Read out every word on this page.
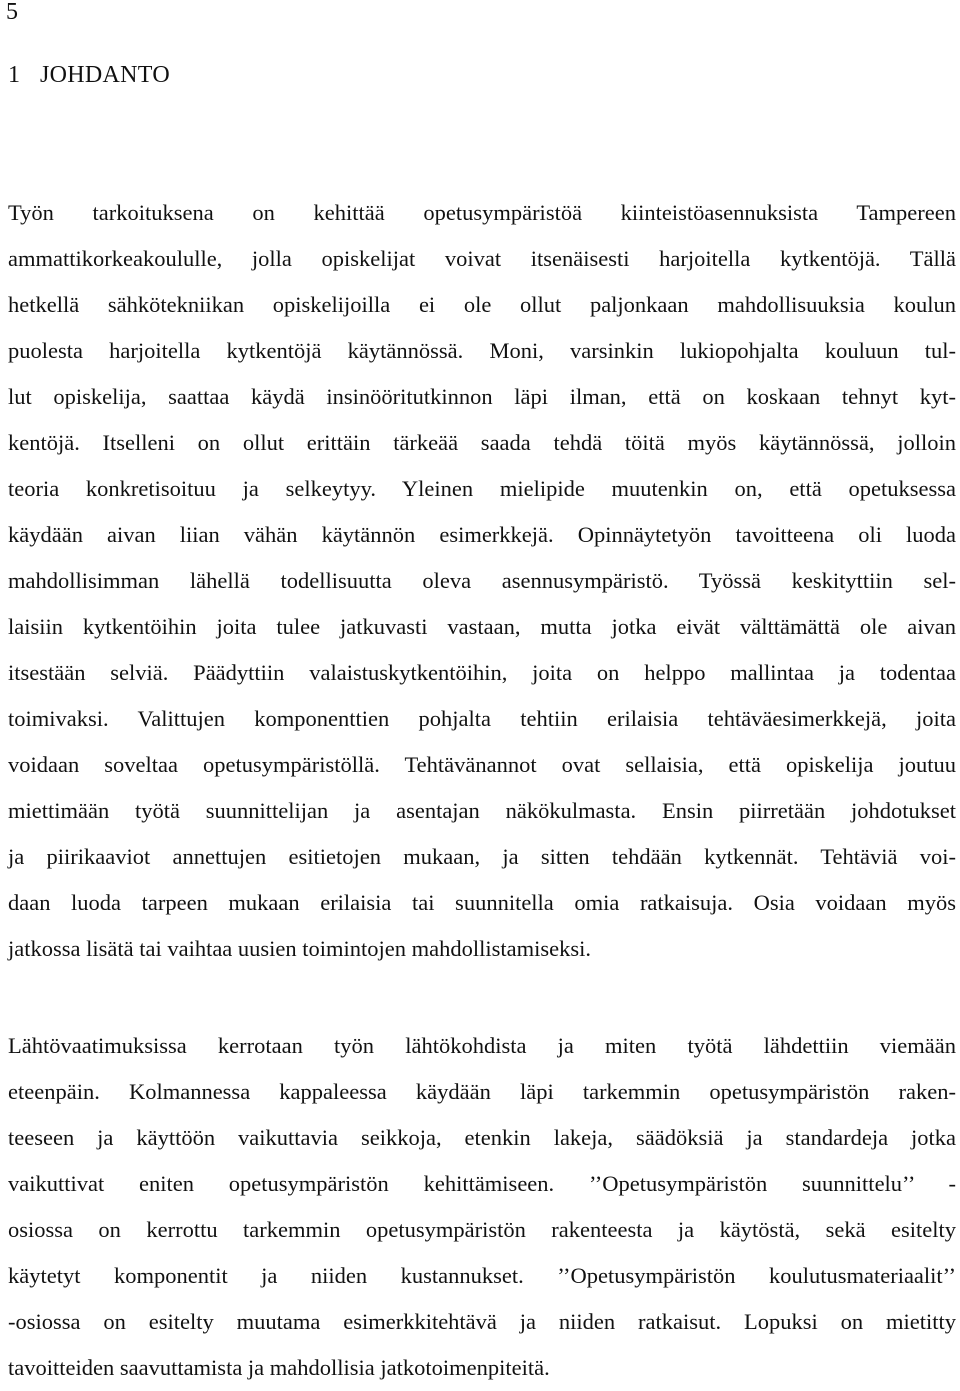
5
1 JOHDANTO
Työn tarkoituksena on kehittää opetusympäristöä kiinteistöasennuksista Tampereen
ammattikorkeakoululle, jolla opiskelijat voivat itsenäisesti harjoitella kytkentöjä. Tällä
hetkellä sähkötekniikan opiskelijoilla ei ole ollut paljonkaan mahdollisuuksia koulun
puolesta harjoitella kytkentöjä käytännössä. Moni, varsinkin lukiopohjalta kouluun tul-
lut opiskelija, saattaa käydä insinööritutkinnon läpi ilman, että on koskaan tehnyt kyt-
kentöjä. Itselleni on ollut erittäin tärkeää saada tehdä töitä myös käytännössä, jolloin
teoria konkretisoituu ja selkeytyy. Yleinen mielipide muutenkin on, että opetuksessa
käydään aivan liian vähän käytännön esimerkkejä. Opinnäytetyön tavoitteena oli luoda
mahdollisimman lähellä todellisuutta oleva asennusympäristö. Työssä keskityttiin sel-
laisiin kytkentöihin joita tulee jatkuvasti vastaan, mutta jotka eivät välttämättä ole aivan
itsestään selviä. Päädyttiin valaistuskytkentöihin, joita on helppo mallintaa ja todentaa
toimivaksi. Valittujen komponenttien pohjalta tehtiin erilaisia tehtäväesimerkkejä, joita
voidaan soveltaa opetusympäristöllä. Tehtävänannot ovat sellaisia, että opiskelija joutuu
miettimään työtä suunnittelijan ja asentajan näkökulmasta. Ensin piirretään johdotukset
ja piirikaaviot annettujen esitietojen mukaan, ja sitten tehdään kytkennät. Tehtäviä voi-
daan luoda tarpeen mukaan erilaisia tai suunnitella omia ratkaisuja. Osia voidaan myös
jatkossa lisätä tai vaihtaa uusien toimintojen mahdollistamiseksi.
Lähtövaatimuksissa kerrotaan työn lähtökohdista ja miten työtä lähdettiin viemään
eteenpäin. Kolmannessa kappaleessa käydään läpi tarkemmin opetusympäristön raken-
teeseen ja käyttöön vaikuttavia seikkoja, etenkin lakeja, säädöksiä ja standardeja jotka
vaikuttivat eniten opetusympäristön kehittämiseen. ’’Opetusympäristön suunnittelu’’ -
osiossa on kerrottu tarkemmin opetusympäristön rakenteesta ja käytöstä, sekä esitelty
käytetyt komponentit ja niiden kustannukset. ’’Opetusympäristön koulutusmateriaalit’’
-osiossa on esitelty muutama esimerkkitehtävä ja niiden ratkaisut. Lopuksi on mietitty
tavoitteiden saavuttamista ja mahdollisia jatkotoimenpiteitä.
